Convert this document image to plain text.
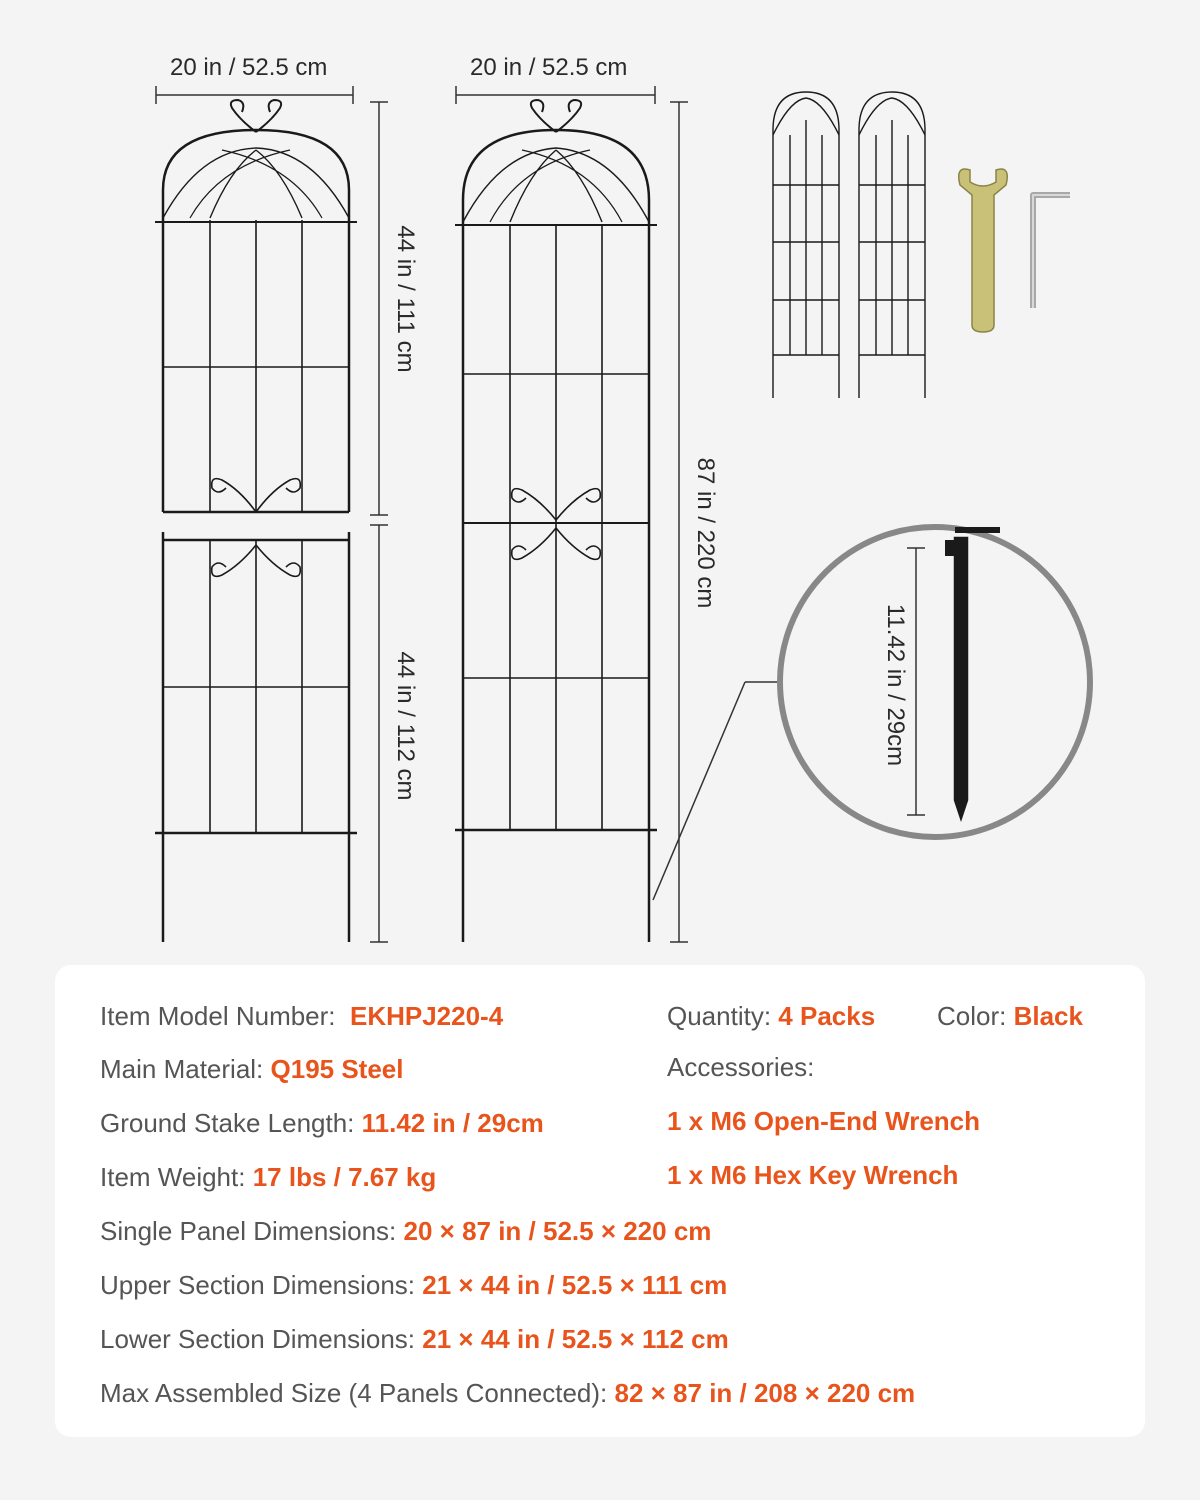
20 in / 52.5 cm	20 in / 52.5 cm
44 in / 111 cm
44 in / 112 cm
87 in / 220 cm
11.42 in / 29cm
Item Model Number: EKHPJ220-4	Quantity: 4 Packs Color: Black
Main Material: Q195 Steel	Accessories:
Ground Stake Length: 11.42 in / 29cm	1 x M6 Open-End Wrench
Item Weight: 17 lbs / 7.67 kg	1 x M6 Hex Key Wrench
Single Panel Dimensions: 20 × 87 in / 52.5 × 220 cm
Upper Section Dimensions: 21 × 44 in / 52.5 × 111 cm
Lower Section Dimensions: 21 × 44 in / 52.5 × 112 cm
Max Assembled Size (4 Panels Connected): 82 × 87 in / 208 × 220 cm
